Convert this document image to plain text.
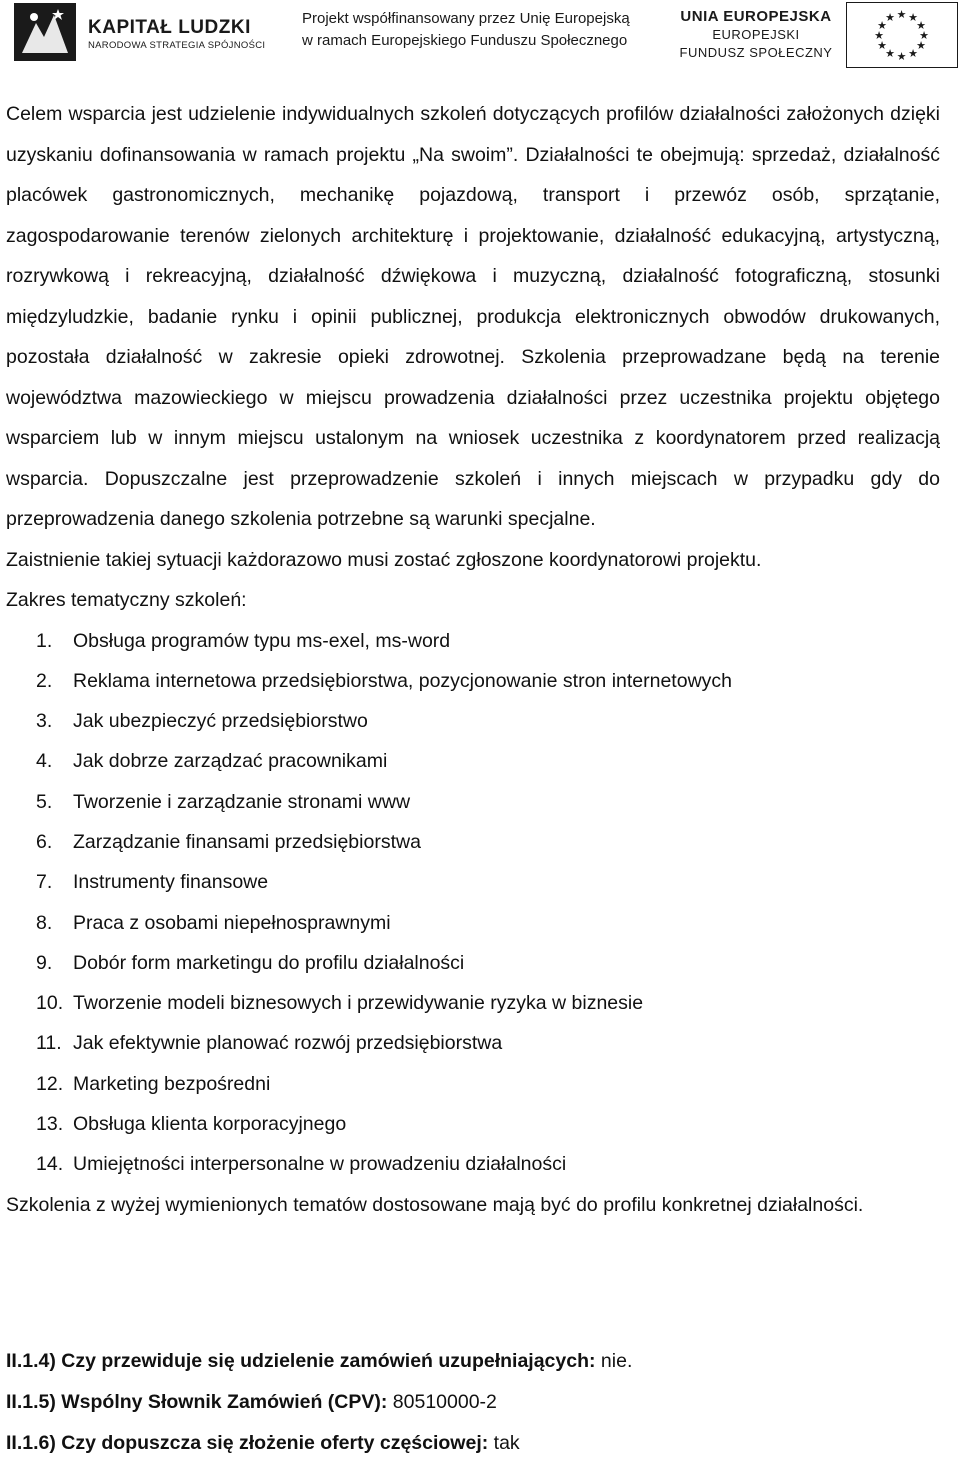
KAPITAŁ LUDZKI
NARODOWA STRATEGIA SPÓJNOŚCI
Projekt współfinansowany przez Unię Europejską
w ramach Europejskiego Funduszu Społecznego
UNIA EUROPEJSKA
EUROPEJSKI
FUNDUSZ SPOŁECZNY
★ ★
★
★
★
★
★
★
★
★
★
★

Celem wsparcia jest udzielenie indywidualnych szkoleń dotyczących profilów działalności założonych dzięki uzyskaniu dofinansowania w ramach projektu „Na swoim”. Działalności te obejmują: sprzedaż, działalność placówek gastronomicznych, mechanikę pojazdową, transport i przewóz osób, sprzątanie, zagospodarowanie terenów zielonych architekturę i projektowanie, działalność edukacyjną, artystyczną, rozrywkową i rekreacyjną, działalność dźwiękowa i muzyczną, działalność fotograficzną, stosunki międzyludzkie, badanie rynku i opinii publicznej, produkcja elektronicznych obwodów drukowanych, pozostała działalność w zakresie opieki zdrowotnej. Szkolenia przeprowadzane będą na terenie województwa mazowieckiego w miejscu prowadzenia działalności przez uczestnika projektu objętego wsparciem lub w innym miejscu ustalonym na wniosek uczestnika z koordynatorem przed realizacją wsparcia. Dopuszczalne jest przeprowadzenie szkoleń i innych miejscach w przypadku gdy do przeprowadzenia danego szkolenia potrzebne są warunki specjalne.

Zaistnienie takiej sytuacji każdorazowo musi zostać zgłoszone koordynatorowi projektu.
Zakres tematyczny szkoleń:
1.	Obsługa programów typu ms-exel, ms-word
2.	Reklama internetowa przedsiębiorstwa, pozycjonowanie stron internetowych
3.	Jak ubezpieczyć przedsiębiorstwo
4.	Jak dobrze zarządzać pracownikami
5.	Tworzenie i zarządzanie stronami www
6.	Zarządzanie finansami przedsiębiorstwa
7.	Instrumenty finansowe
8.	Praca z osobami niepełnosprawnymi
9.	Dobór form marketingu do profilu działalności
10. Tworzenie modeli biznesowych i przewidywanie ryzyka w biznesie
11. Jak efektywnie planować rozwój przedsiębiorstwa
12. Marketing bezpośredni
13. Obsługa klienta korporacyjnego
14. Umiejętności interpersonalne w prowadzeniu działalności

Szkolenia z wyżej wymienionych tematów dostosowane mają być do profilu konkretnej działalności.

II.1.4) Czy przewiduje się udzielenie zamówień uzupełniających: nie.
II.1.5) Wspólny Słownik Zamówień (CPV): 80510000-2
II.1.6) Czy dopuszcza się złożenie oferty częściowej: tak
